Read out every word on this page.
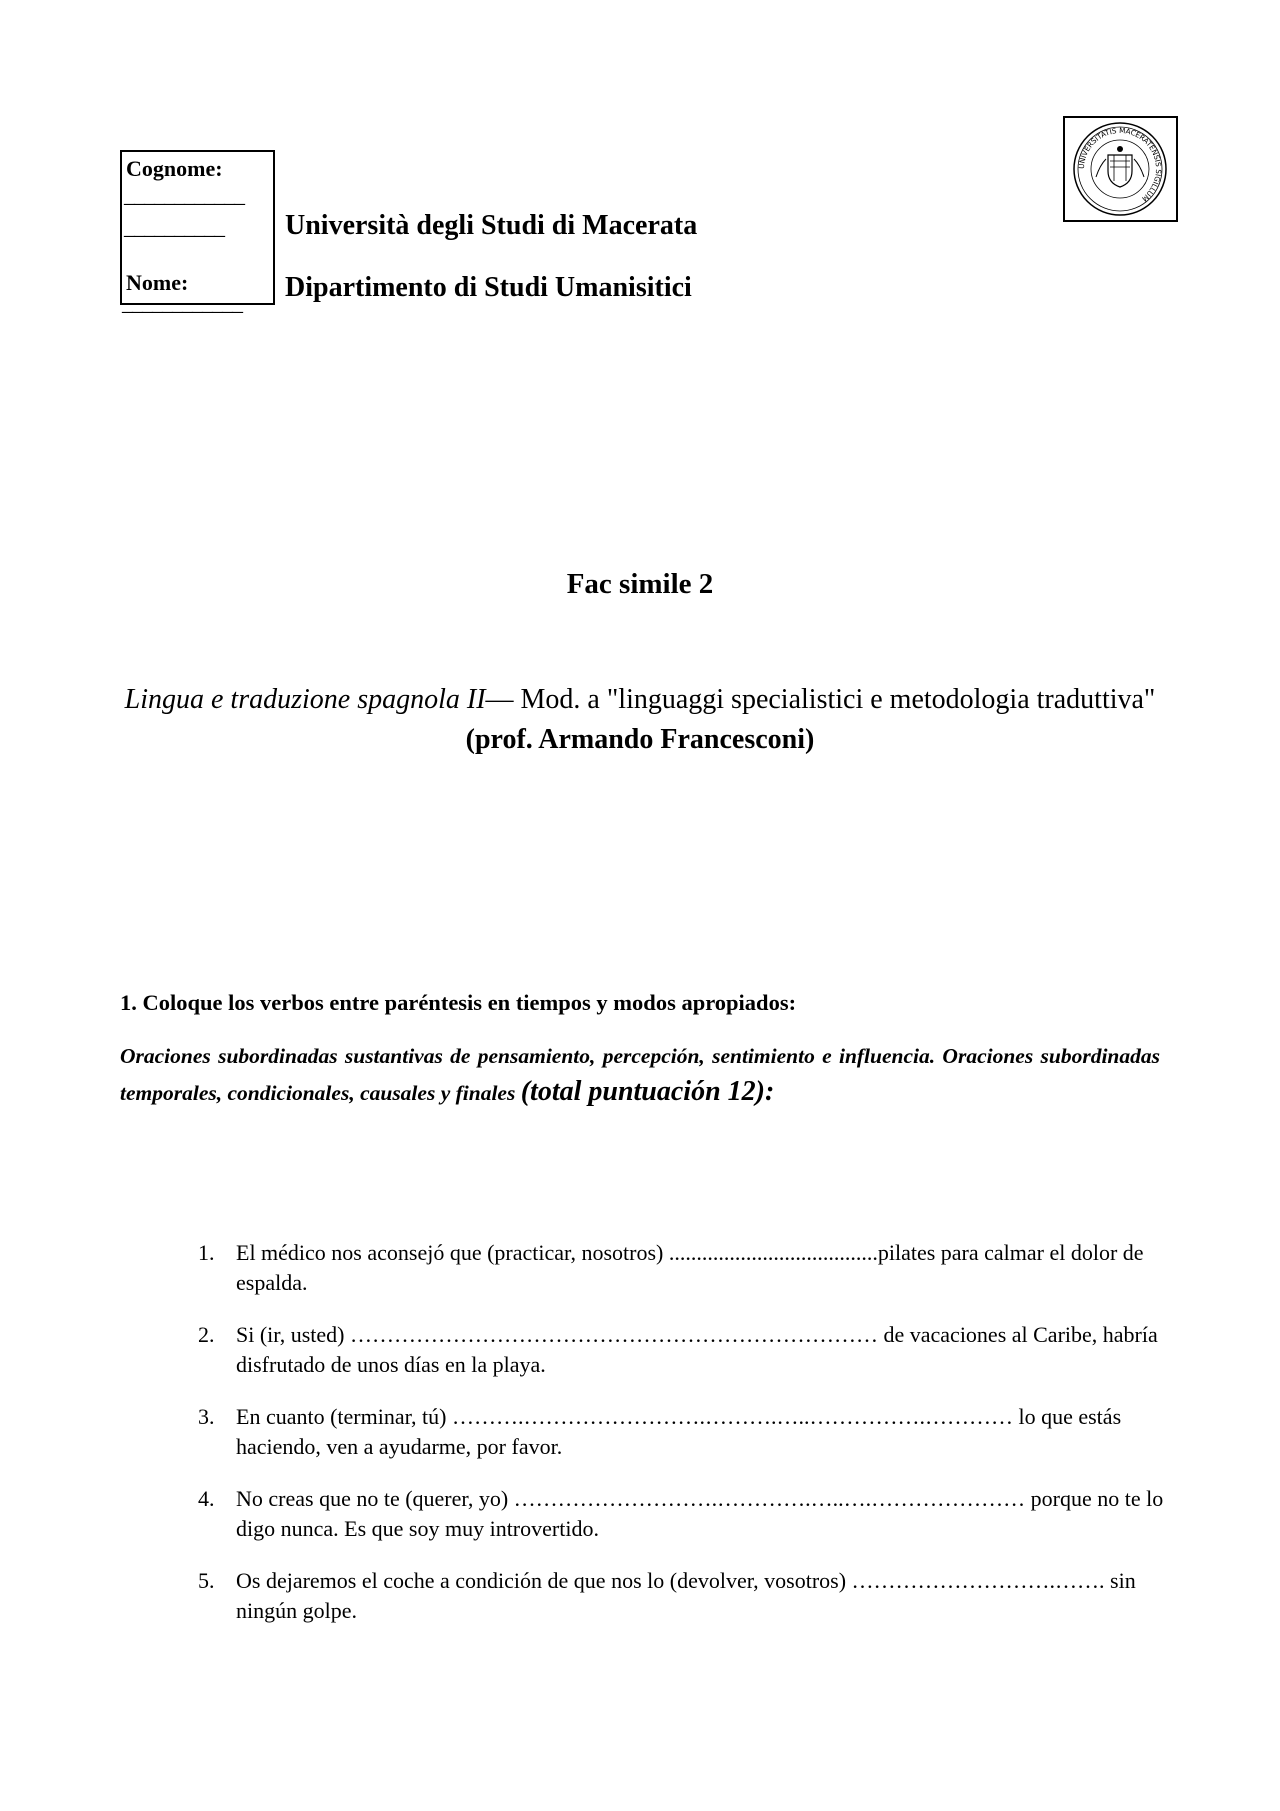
Cognome:
____________
__________
Nome:
____________
Università degli Studi di Macerata
Dipartimento di Studi Umanisitici
UNIVERSITATIS MACERATENSIS SIGILLUM
Fac simile 2
Lingua e traduzione spagnola II— Mod. a "linguaggi specialistici e metodologia traduttiva" (prof. Armando Francesconi)
1. Coloque los verbos entre paréntesis en tiempos y modos apropiados:
Oraciones subordinadas sustantivas de pensamiento, percepción, sentimiento e influencia. Oraciones subordinadas temporales, condicionales, causales y finales (total puntuación 12):
1. El médico nos aconsejó que (practicar, nosotros) ......................................pilates para calmar el dolor de espalda.
2. Si (ir, usted) ……………………………………………………………… de vacaciones al Caribe, habría disfrutado de unos días en la playa.
3. En cuanto (terminar, tú) ……….…………………….……….…..…………….………… lo que estás haciendo, ven a ayudarme, por favor.
4. No creas que no te (querer, yo) ……………………….………….…..….………………… porque no te lo digo nunca. Es que soy muy introvertido.
5. Os dejaremos el coche a condición de que nos lo (devolver, vosotros) ……………………….……. sin ningún golpe.
